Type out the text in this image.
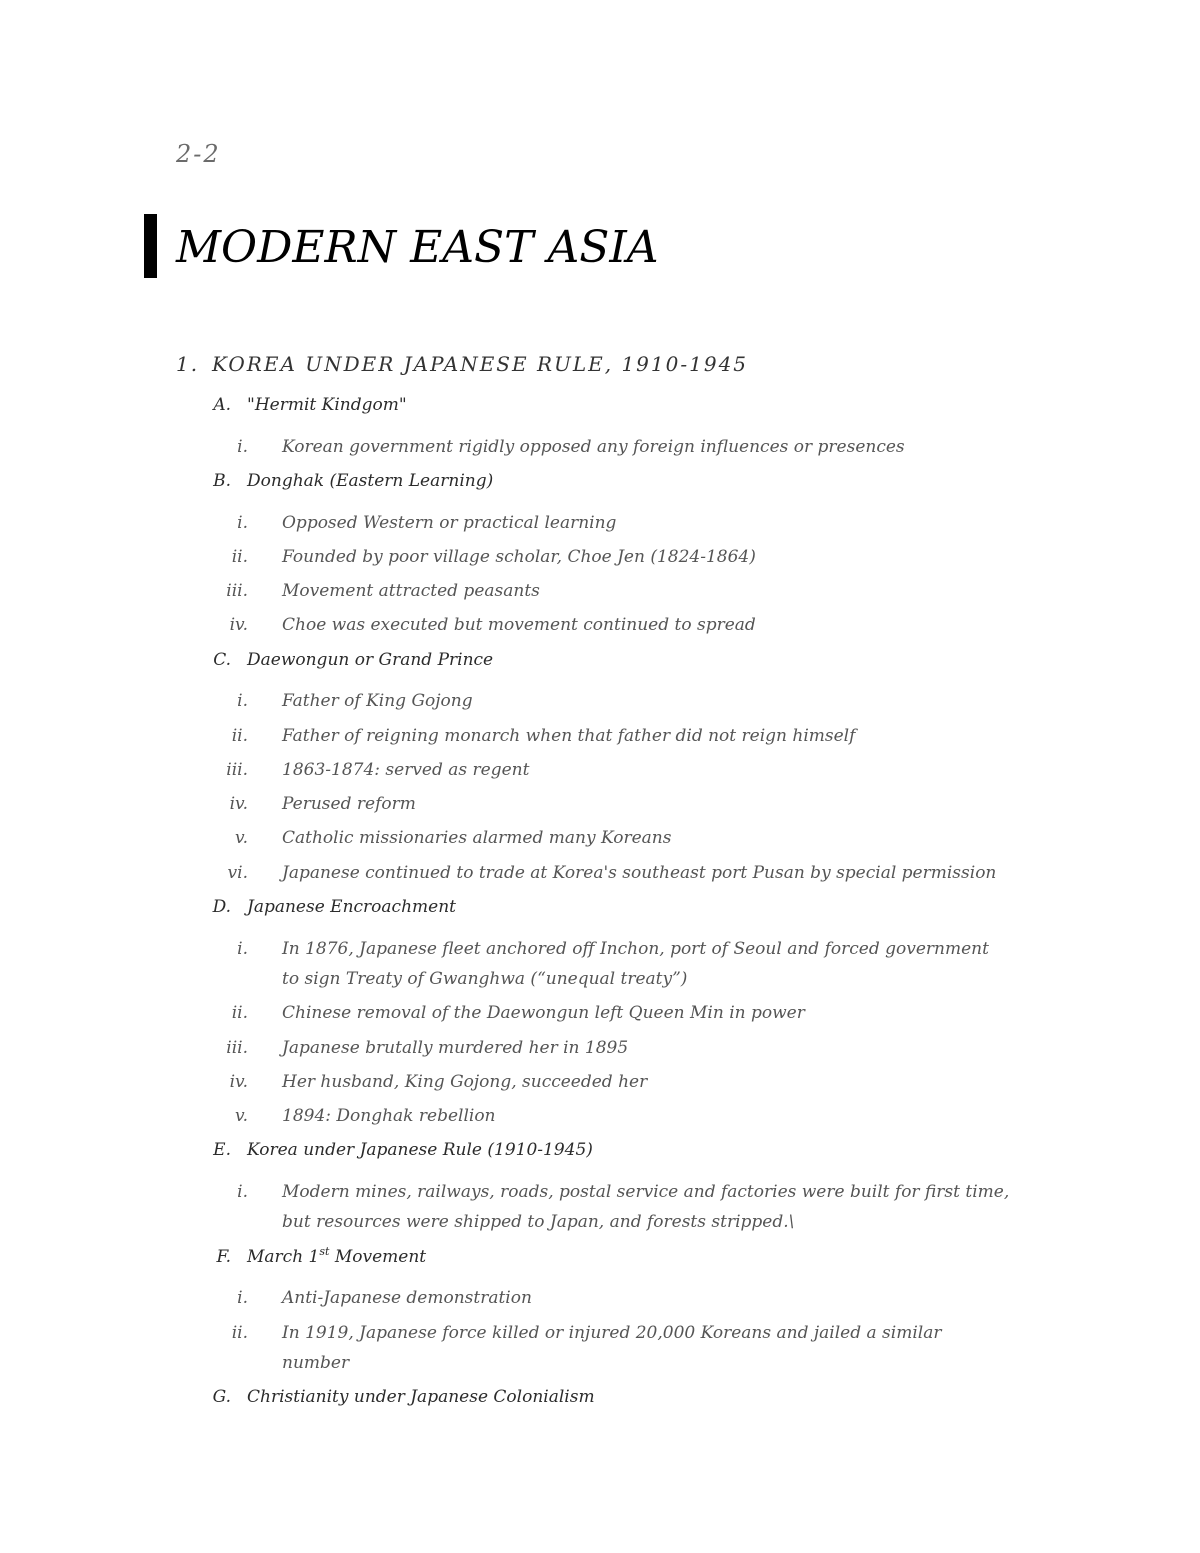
2-2
MODERN EAST ASIA
1. KOREA UNDER JAPANESE RULE, 1910-1945
A. "Hermit Kindgom"
i. Korean government rigidly opposed any foreign influences or presences
B. Donghak (Eastern Learning)
i. Opposed Western or practical learning
ii. Founded by poor village scholar, Choe Jen (1824-1864)
iii. Movement attracted peasants
iv. Choe was executed but movement continued to spread
C. Daewongun or Grand Prince
i. Father of King Gojong
ii. Father of reigning monarch when that father did not reign himself
iii. 1863-1874: served as regent
iv. Perused reform
v. Catholic missionaries alarmed many Koreans
vi. Japanese continued to trade at Korea's southeast port Pusan by special permission
D. Japanese Encroachment
i. In 1876, Japanese fleet anchored off Inchon, port of Seoul and forced government
to sign Treaty of Gwanghwa (“unequal treaty”)
ii. Chinese removal of the Daewongun left Queen Min in power
iii. Japanese brutally murdered her in 1895
iv. Her husband, King Gojong, succeeded her
v. 1894: Donghak rebellion
E. Korea under Japanese Rule (1910-1945)
i. Modern mines, railways, roads, postal service and factories were built for first time,
but resources were shipped to Japan, and forests stripped.\
F. March 1st Movement
i. Anti-Japanese demonstration
ii. In 1919, Japanese force killed or injured 20,000 Koreans and jailed a similar
number
G. Christianity under Japanese Colonialism
